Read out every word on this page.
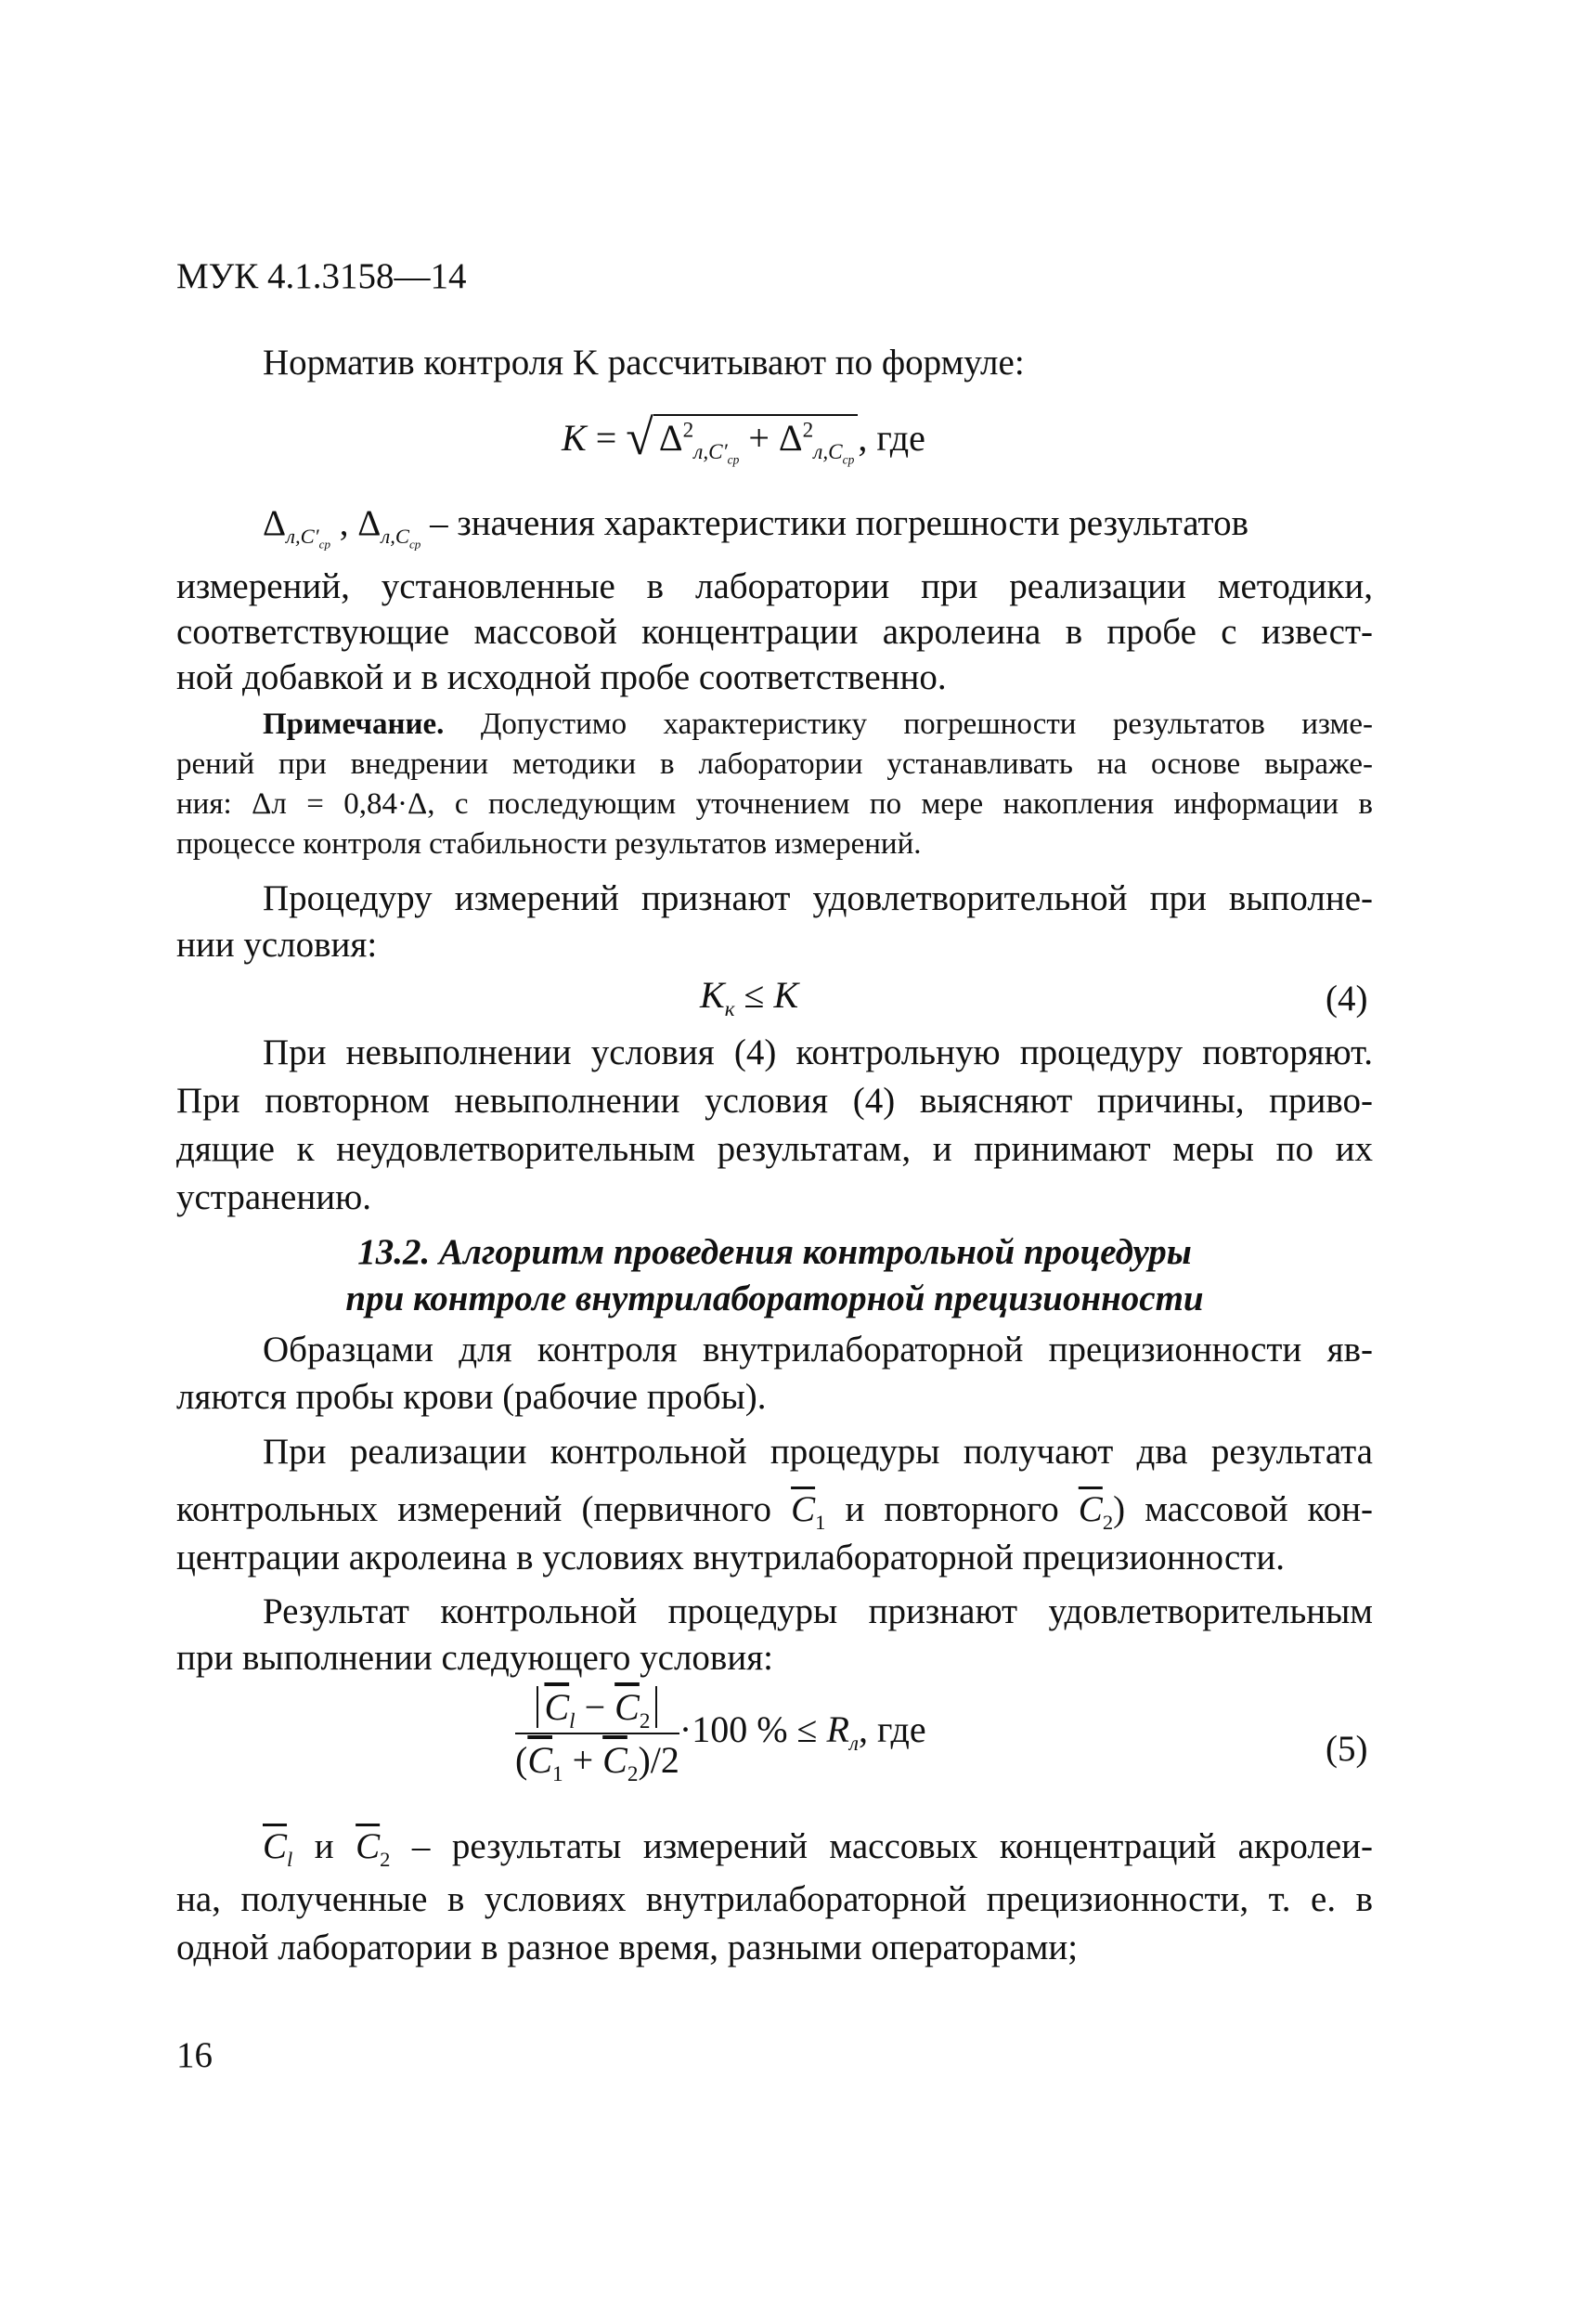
МУК 4.1.3158—14
Норматив контроля K рассчитывают по формуле:
K = √ $\Delta^2_{л,C'_{ср}} + \Delta^2_{л,C_{ср}}$, где
$\Delta_{л,C'_{ср}}$ , $\Delta_{л,C_{ср}}$ – значения характеристики погрешности результатов
измерений, установленные в лаборатории при реализации методики,
соответствующие массовой концентрации акролеина в пробе с извест-
ной добавкой и в исходной пробе соответственно.
Примечание. Допустимо характеристику погрешности результатов изме-
рений при внедрении методики в лаборатории устанавливать на основе выраже-
ния: Δл = 0,84·Δ, с последующим уточнением по мере накопления информации в
процессе контроля стабильности результатов измерений.
Процедуру измерений признают удовлетворительной при выполне-
нии условия:
$K_к \le K$	(4)
При невыполнении условия (4) контрольную процедуру повторяют.
При повторном невыполнении условия (4) выясняют причины, приво-
дящие к неудовлетворительным результатам, и принимают меры по их
устранению.
13.2. Алгоритм проведения контрольной процедуры
при контроле внутрилабораторной прецизионности
Образцами для контроля внутрилабораторной прецизионности яв-
ляются пробы крови (рабочие пробы).
При реализации контрольной процедуры получают два результата
контрольных измерений (первичного $\overline{C}_1$ и повторного $\overline{C}_2$) массовой кон-
центрации акролеина в условиях внутрилабораторной прецизионности.
Результат контрольной процедуры признают удовлетворительным
при выполнении следующего условия:
$\frac{\overline{C}_l - \overline{C}_2}{(\overline{C}_1 + \overline{C}_2)/2} \cdot 100$ % ≤ $R_л$, где	(5)
$\overline{C}_l$ и $\overline{C}_2$ – результаты измерений массовых концентраций акролеи-
на, полученные в условиях внутрилабораторной прецизионности, т. е. в
одной лаборатории в разное время, разными операторами;
16
